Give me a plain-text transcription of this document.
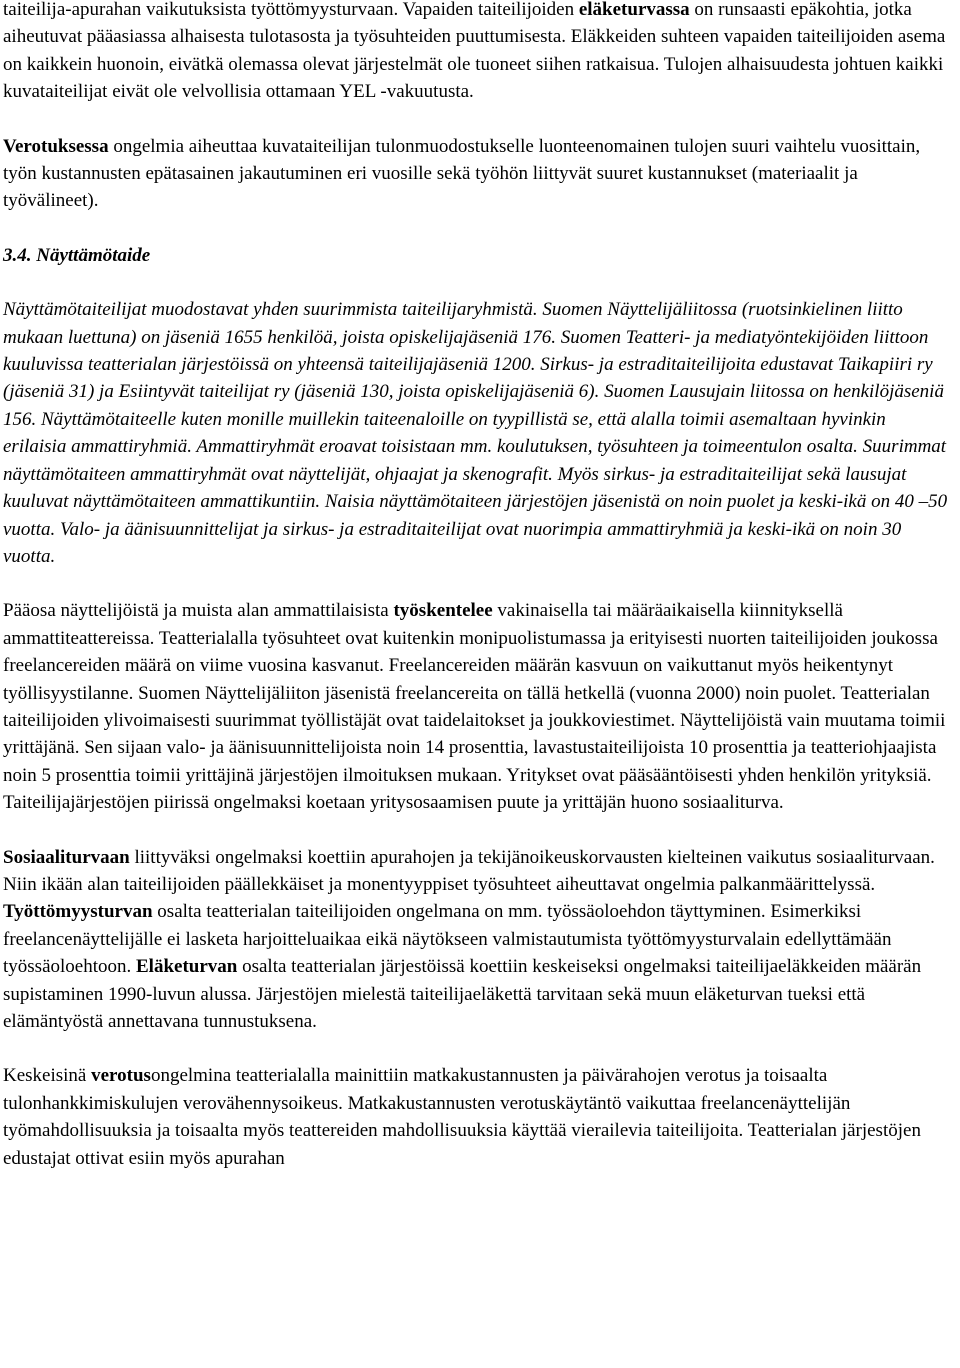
taiteilija-apurahan vaikutuksista työttömyysturvaan. Vapaiden taiteilijoiden eläketurvassa on runsaasti epäkohtia, jotka aiheutuvat pääasiassa alhaisesta tulotasosta ja työsuhteiden puuttumisesta. Eläkkeiden suhteen vapaiden taiteilijoiden asema on kaikkein huonoin, eivätkä olemassa olevat järjestelmät ole tuoneet siihen ratkaisua. Tulojen alhaisuudesta johtuen kaikki kuvataiteilijat eivät ole velvollisia ottamaan YEL -vakuutusta.

Verotuksessa ongelmia aiheuttaa kuvataiteilijan tulonmuodostukselle luonteenomainen tulojen suuri vaihtelu vuosittain, työn kustannusten epätasainen jakautuminen eri vuosille sekä työhön liittyvät suuret kustannukset (materiaalit ja työvälineet).

3.4. Näyttämötaide

Näyttämötaiteilijat muodostavat yhden suurimmista taiteilijaryhmistä. Suomen Näyttelijäliitossa (ruotsinkielinen liitto mukaan luettuna) on jäseniä 1655 henkilöä, joista opiskelijajäseniä 176. Suomen Teatteri- ja mediatyöntekijöiden liittoon kuuluvissa teatterialan järjestöissä on yhteensä taiteilijajäseniä 1200. Sirkus- ja estraditaiteilijoita edustavat Taikapiiri ry (jäseniä 31) ja Esiintyvät taiteilijat ry (jäseniä 130, joista opiskelijajäseniä 6). Suomen Lausujain liitossa on henkilöjäseniä 156. Näyttämötaiteelle kuten monille muillekin taiteenaloille on tyypillistä se, että alalla toimii asemaltaan hyvinkin erilaisia ammattiryhmiä. Ammattiryhmät eroavat toisistaan mm. koulutuksen, työsuhteen ja toimeentulon osalta. Suurimmat näyttämötaiteen ammattiryhmät ovat näyttelijät, ohjaajat ja skenografit. Myös sirkus- ja estraditaiteilijat sekä lausujat kuuluvat näyttämötaiteen ammattikuntiin. Naisia näyttämötaiteen järjestöjen jäsenistä on noin puolet ja keski-ikä on 40 –50 vuotta. Valo- ja äänisuunnittelijat ja sirkus- ja estraditaiteilijat ovat nuorimpia ammattiryhmiä ja keski-ikä on noin 30 vuotta.

Pääosa näyttelijöistä ja muista alan ammattilaisista työskentelee vakinaisella tai määräaikaisella kiinnityksellä ammattiteattereissa. Teatterialalla työsuhteet ovat kuitenkin monipuolistumassa ja erityisesti nuorten taiteilijoiden joukossa freelancereiden määrä on viime vuosina kasvanut. Freelancereiden määrän kasvuun on vaikuttanut myös heikentynyt työllisyystilanne. Suomen Näyttelijäliiton jäsenistä freelancereita on tällä hetkellä (vuonna 2000) noin puolet. Teatterialan taiteilijoiden ylivoimaisesti suurimmat työllistäjät ovat taidelaitokset ja joukkoviestimet. Näyttelijöistä vain muutama toimii yrittäjänä. Sen sijaan valo- ja äänisuunnittelijoista noin 14 prosenttia, lavastustaiteilijoista 10 prosenttia ja teatteriohjaajista noin 5 prosenttia toimii yrittäjinä järjestöjen ilmoituksen mukaan. Yritykset ovat pääsääntöisesti yhden henkilön yrityksiä. Taiteilijajärjestöjen piirissä ongelmaksi koetaan yritysosaamisen puute ja yrittäjän huono sosiaaliturva.

Sosiaaliturvaan liittyväksi ongelmaksi koettiin apurahojen ja tekijänoikeuskorvausten kielteinen vaikutus sosiaaliturvaan. Niin ikään alan taiteilijoiden päällekkäiset ja monentyyppiset työsuhteet aiheuttavat ongelmia palkanmäärittelyssä. Työttömyysturvan osalta teatterialan taiteilijoiden ongelmana on mm. työssäoloehdon täyttyminen. Esimerkiksi freelancenäyttelijälle ei lasketa harjoitteluaikaa eikä näytökseen valmistautumista työttömyysturvalain edellyttämään työssäoloehtoon. Eläketurvan osalta teatterialan järjestöissä koettiin keskeiseksi ongelmaksi taiteilijaeläkkeiden määrän supistaminen 1990-luvun alussa. Järjestöjen mielestä taiteilijaeläkettä tarvitaan sekä muun eläketurvan tueksi että elämäntyöstä annettavana tunnustuksena.

Keskeisinä verotusongelmina teatterialalla mainittiin matkakustannusten ja päivärahojen verotus ja toisaalta tulonhankkimiskulujen verovähennysoikeus. Matkakustannusten verotuskäytäntö vaikuttaa freelancenäyttelijän työmahdollisuuksia ja toisaalta myös teattereiden mahdollisuuksia käyttää vierailevia taiteilijoita. Teatterialan järjestöjen edustajat ottivat esiin myös apurahan
